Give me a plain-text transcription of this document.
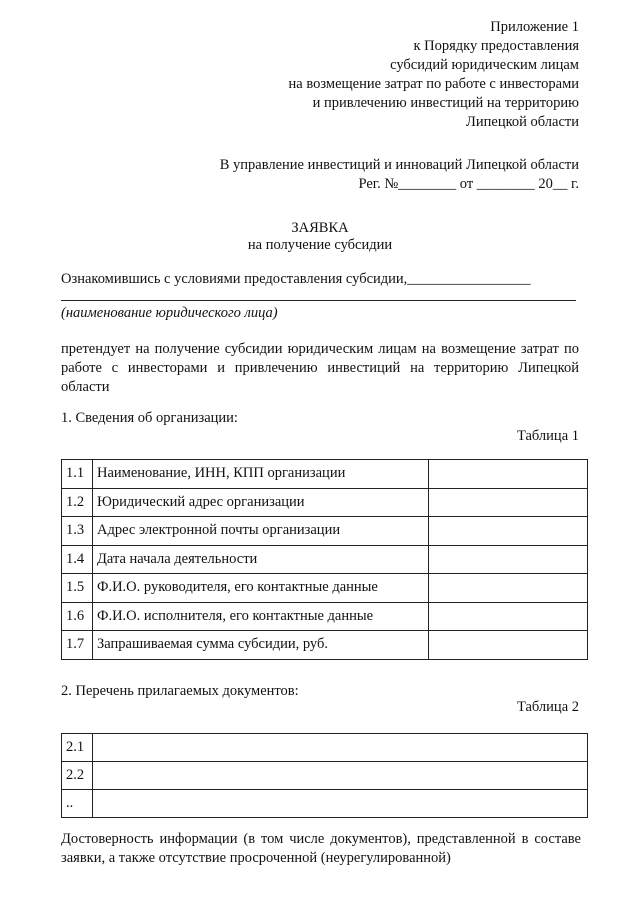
Приложение 1
к Порядку предоставления
субсидий юридическим лицам
на возмещение затрат по работе с инвесторами
и привлечению инвестиций на территорию
Липецкой области
В управление инвестиций и инноваций Липецкой области
Рег. №________ от ________ 20__ г.
ЗАЯВКА
на получение субсидии
Ознакомившись с условиями предоставления субсидии,_________________
(наименование юридического лица)
претендует на получение субсидии юридическим лицам на возмещение затрат по работе с инвесторами и привлечению инвестиций на территорию Липецкой области
1. Сведения об организации:
Таблица 1
1.1	Наименование, ИНН, КПП организации	
1.2	Юридический адрес организации	
1.3	Адрес электронной почты организации	
1.4	Дата начала деятельности	
1.5	Ф.И.О. руководителя, его контактные данные	
1.6	Ф.И.О. исполнителя, его контактные данные	
1.7	Запрашиваемая сумма субсидии, руб.	
2. Перечень прилагаемых документов:
Таблица 2
2.1	
2.2	
..	
Достоверность информации (в том числе документов), представленной в составе заявки, а также отсутствие просроченной (неурегулированной)
